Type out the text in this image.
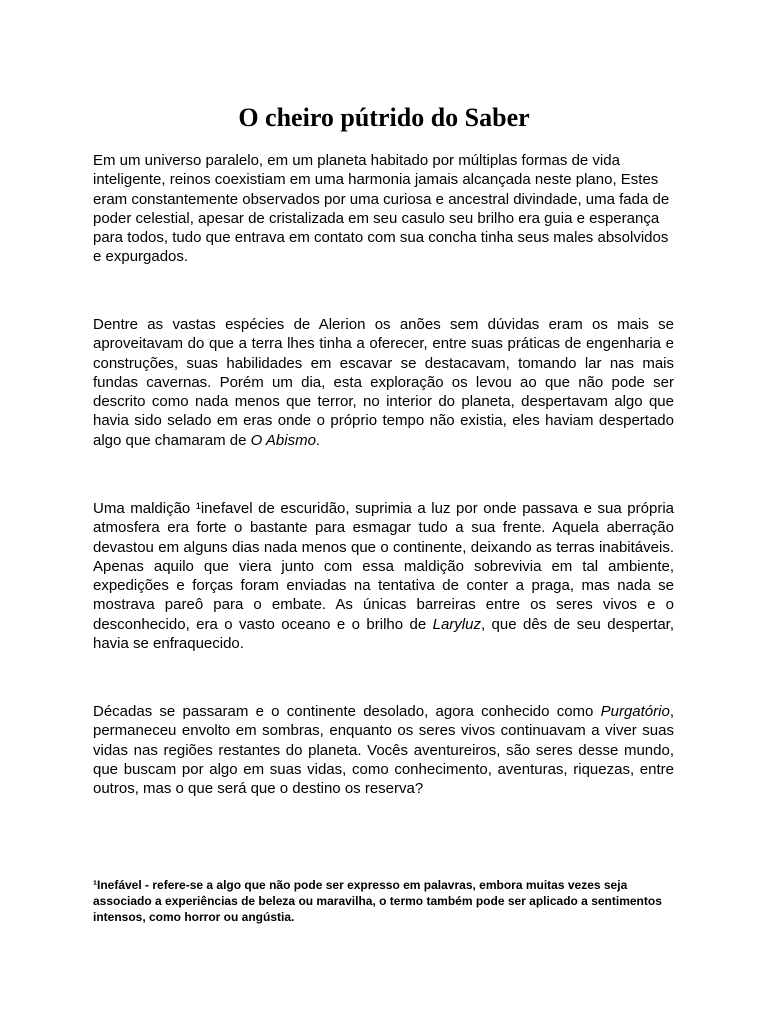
O cheiro pútrido do Saber

Em um universo paralelo, em um planeta habitado por múltiplas formas de vida inteligente, reinos coexistiam em uma harmonia jamais alcançada neste plano, Estes eram constantemente observados por uma curiosa e ancestral divindade, uma fada de poder celestial, apesar de cristalizada em seu casulo seu brilho era guia e esperança para todos, tudo que entrava em contato com sua concha tinha seus males absolvidos e expurgados.

Dentre as vastas espécies de Alerion os anões sem dúvidas eram os mais se aproveitavam do que a terra lhes tinha a oferecer, entre suas práticas de engenharia e construções, suas habilidades em escavar se destacavam, tomando lar nas mais fundas cavernas. Porém um dia, esta exploração os levou ao que não pode ser descrito como nada menos que terror, no interior do planeta, despertavam algo que havia sido selado em eras onde o próprio tempo não existia, eles haviam despertado algo que chamaram de O Abismo.

Uma maldição ¹inefavel de escuridão, suprimia a luz por onde passava e sua própria atmosfera era forte o bastante para esmagar tudo a sua frente. Aquela aberração devastou em alguns dias nada menos que o continente, deixando as terras inabitáveis. Apenas aquilo que viera junto com essa maldição sobrevivia em tal ambiente, expedições e forças foram enviadas na tentativa de conter a praga, mas nada se mostrava pareô para o embate. As únicas barreiras entre os seres vivos e o desconhecido, era o vasto oceano e o brilho de Laryluz, que dês de seu despertar, havia se enfraquecido.

Décadas se passaram e o continente desolado, agora conhecido como Purgatório, permaneceu envolto em sombras, enquanto os seres vivos continuavam a viver suas vidas nas regiões restantes do planeta. Vocês aventureiros, são seres desse mundo, que buscam por algo em suas vidas, como conhecimento, aventuras, riquezas, entre outros, mas o que será que o destino os reserva?

¹Inefável - refere-se a algo que não pode ser expresso em palavras, embora muitas vezes seja associado a experiências de beleza ou maravilha, o termo também pode ser aplicado a sentimentos intensos, como horror ou angústia.
